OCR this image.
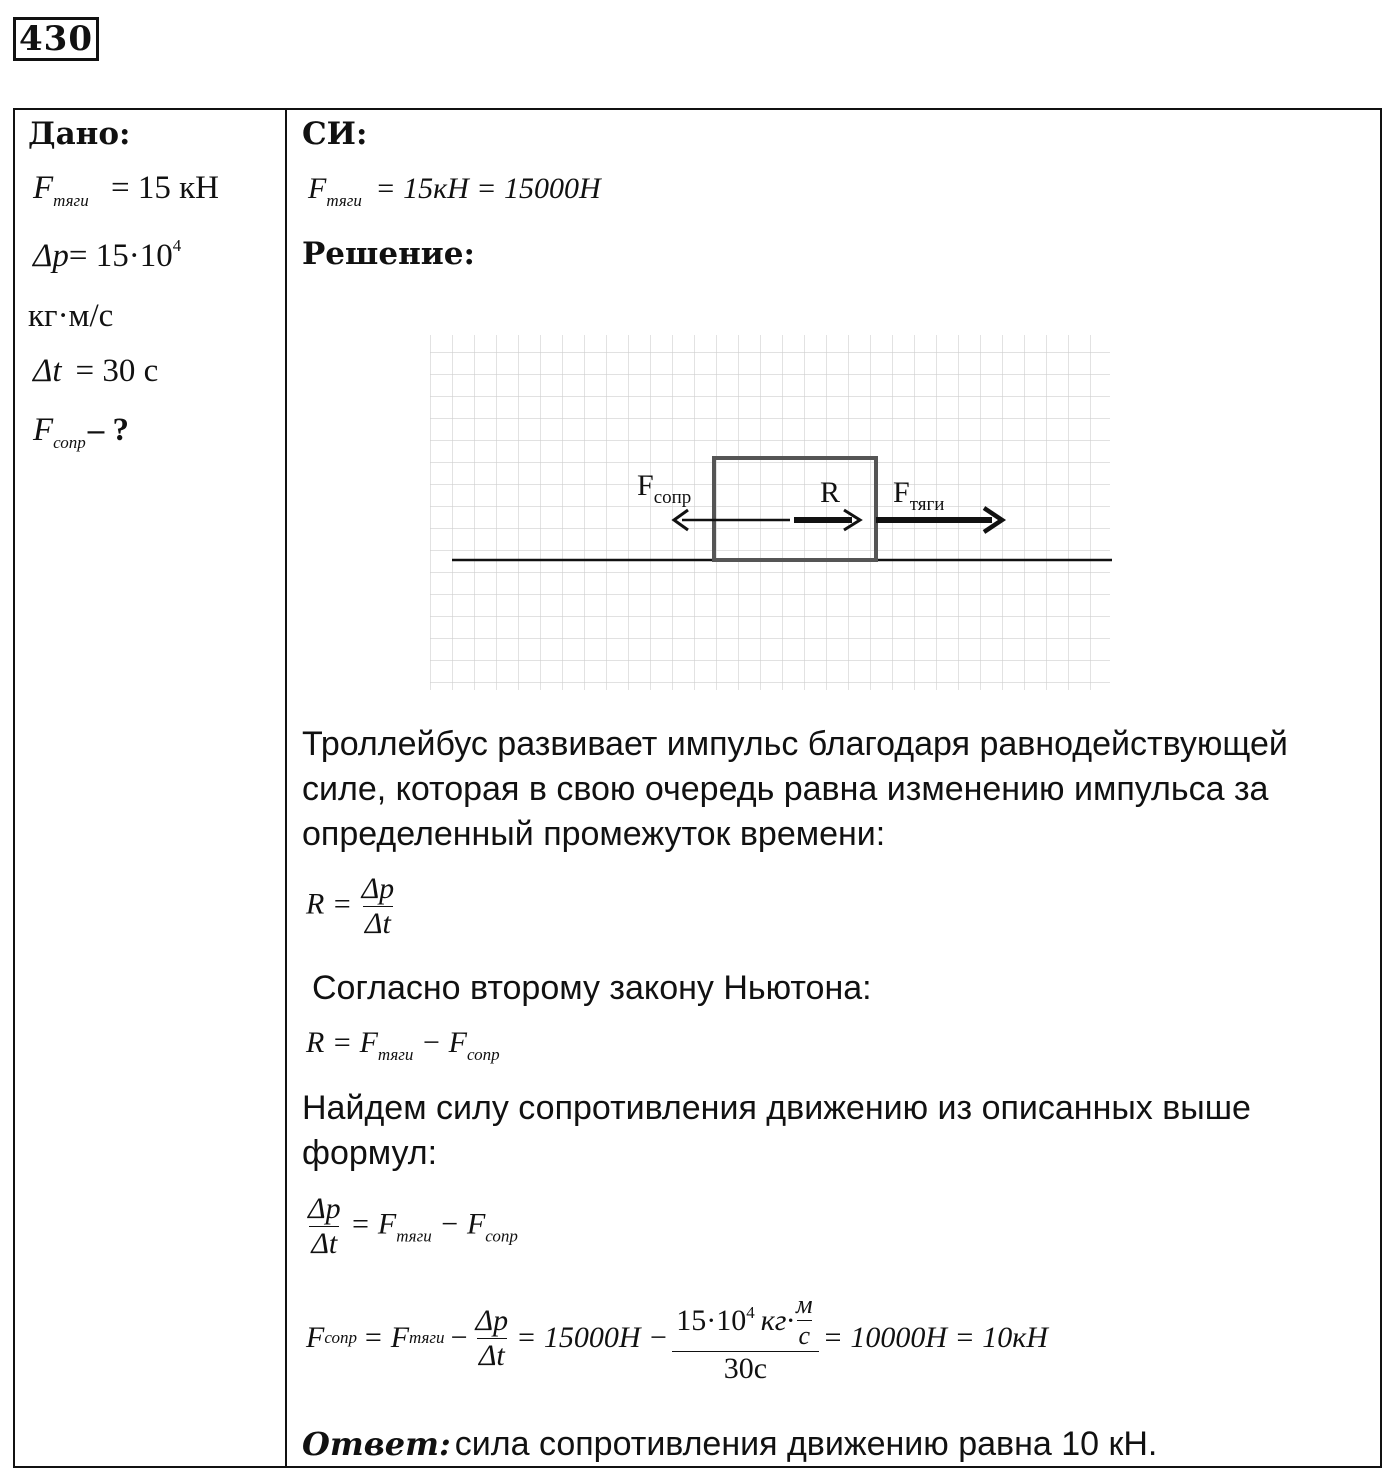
430
Дано:
$F_{тяги} = 15$ кН
$\Delta p= 15\cdot 10^4$
кг·м/с
Δt = 30 с
$F_{сопр}-$ ?
СИ:
$F_{тяги} = 15кН = 15000Н$
Решение:
$F_{сопр}$	R $F_{тяги}$
Троллейбус развивает импульс благодаря равнодействующей
силе, которая в свою очередь равна изменению импульса за
определенный промежуток времени:
$R = \frac{\Delta p}{\Delta t}$
Согласно второму закону Ньютона:
$R = F_{тяги} - F_{сопр}$
Найдем силу сопротивления движению из описанных выше
формул:
$\frac{\Delta p}{\Delta t} = F_{тяги} - F_{сопр}$
F сопр = F тяги − $\frac{\Delta p}{\Delta t} = 15000Н - \frac{15\cdot 10 4 кг\cdot \frac{м}{с}}{30с} = 10000Н = 10кН$
Ответ: сила сопротивления движению равна 10 кН.
